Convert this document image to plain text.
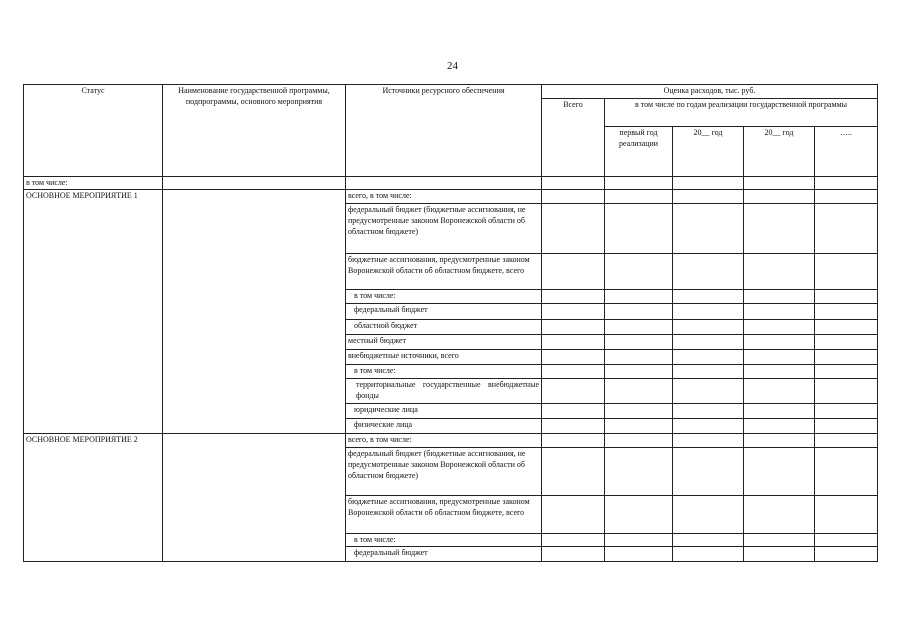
24
Статус	Наименование государственной программы, подпрограммы, основного мероприятия	Источники ресурсного обеспечения	Оценка расходов, тыс. руб.				
			Всего	в том числе по годам реализации государственной программы			
				первый год реализации	20__ год	20__ год	…..
в том числе:							
ОСНОВНОЕ МЕРОПРИЯТИЕ 1		всего, в том числе:					
		федеральный бюджет (бюджетные ассигнования, не предусмотренные законом Воронежской области об областном бюджете)					
		бюджетные ассигнования, предусмотренные законом Воронежской области об областном бюджете, всего					
		в том числе:					
		федеральный бюджет					
		областной бюджет					
		местный бюджет					
		внебюджетные источники, всего					
		в том числе:					
		территориальные государственные внебюджетные фонды					
		юридические лица					
		физические лица					
ОСНОВНОЕ МЕРОПРИЯТИЕ 2		всего, в том числе:					
		федеральный бюджет (бюджетные ассигнования, не предусмотренные законом Воронежской области об областном бюджете)					
		бюджетные ассигнования, предусмотренные законом Воронежской области об областном бюджете, всего					
		в том числе:					
		федеральный бюджет					
